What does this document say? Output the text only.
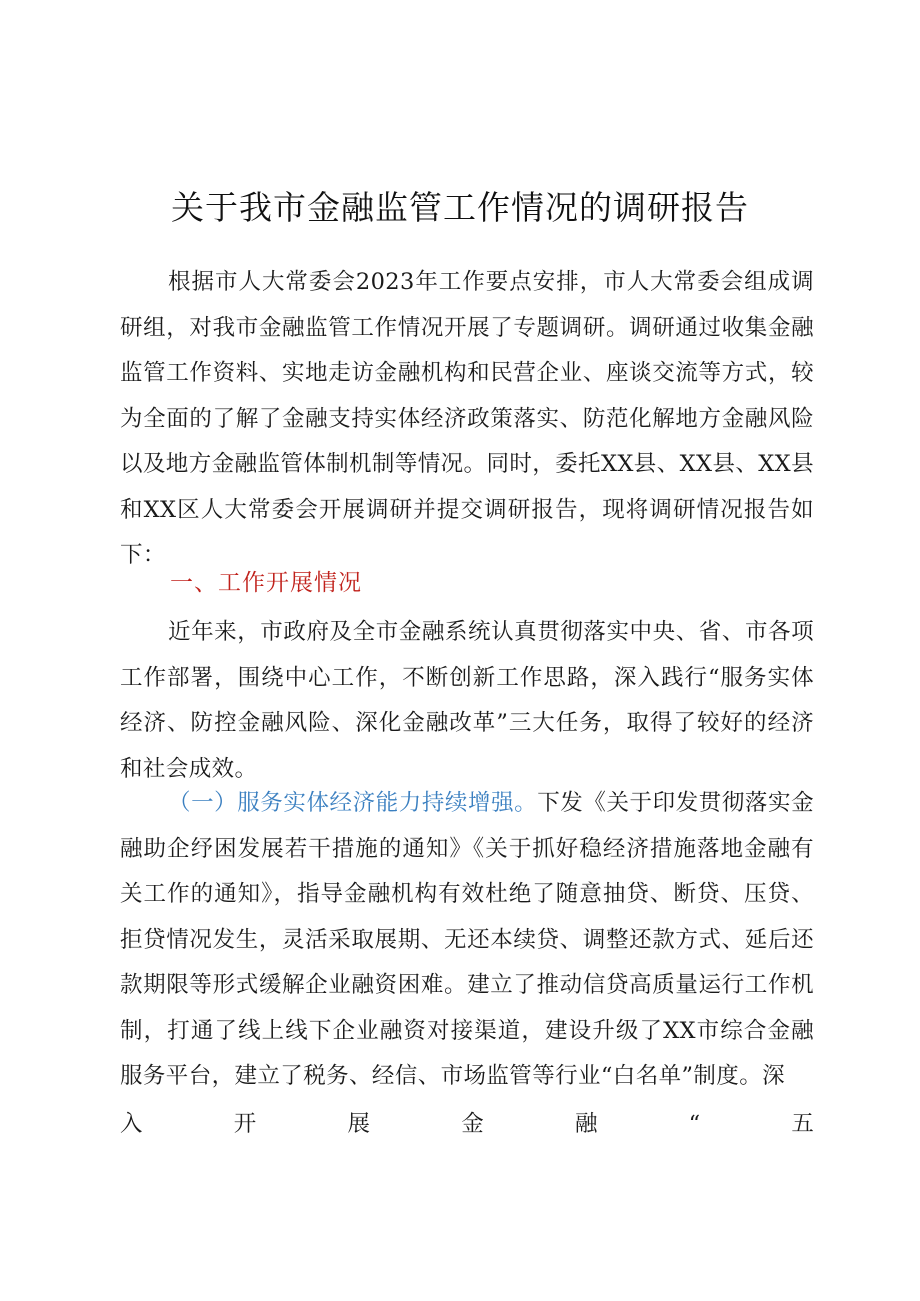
关于我市金融监管工作情况的调研报告
根据市人大常委会2023年工作要点安排，市人大常委会组成调研组，对我市金融监管工作情况开展了专题调研。调研通过收集金融监管工作资料、实地走访金融机构和民营企业、座谈交流等方式，较为全面的了解了金融支持实体经济政策落实、防范化解地方金融风险以及地方金融监管体制机制等情况。同时，委托XX县、XX县、XX县和XX区人大常委会开展调研并提交调研报告，现将调研情况报告如下：
一、工作开展情况
近年来，市政府及全市金融系统认真贯彻落实中央、省、市各项工作部署，围绕中心工作，不断创新工作思路，深入践行“服务实体经济、防控金融风险、深化金融改革”三大任务，取得了较好的经济和社会成效。
（一）服务实体经济能力持续增强。下发《关于印发贯彻落实金融助企纾困发展若干措施的通知》《关于抓好稳经济措施落地金融有关工作的通知》，指导金融机构有效杜绝了随意抽贷、断贷、压贷、拒贷情况发生，灵活采取展期、无还本续贷、调整还款方式、延后还款期限等形式缓解企业融资困难。建立了推动信贷高质量运行工作机制，打通了线上线下企业融资对接渠道，建设升级了XX市综合金融服务平台，建立了税务、经信、市场监管等行业“白名单”制度。深
入	开	展	金	融	“	五
